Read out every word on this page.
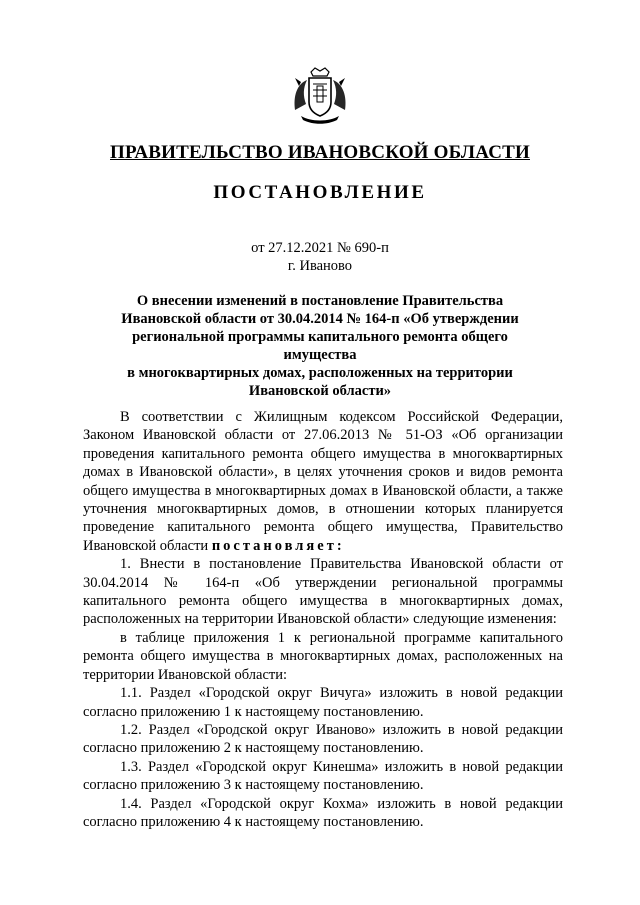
ПРАВИТЕЛЬСТВО ИВАНОВСКОЙ ОБЛАСТИ
ПОСТАНОВЛЕНИЕ
от 27.12.2021 № 690-п
г. Иваново
О внесении изменений в постановление Правительства
Ивановской области от 30.04.2014 № 164-п «Об утверждении
региональной программы капитального ремонта общего имущества
в многоквартирных домах, расположенных на территории
Ивановской области»

В соответствии с Жилищным кодексом Российской Федерации, Законом Ивановской области от 27.06.2013 № 51-ОЗ «Об организации проведения капитального ремонта общего имущества в многоквартирных домах в Ивановской области», в целях уточнения сроков и видов ремонта общего имущества в многоквартирных домах в Ивановской области, а также уточнения многоквартирных домов, в отношении которых планируется проведение капитального ремонта общего имущества, Правительство Ивановской области постановляет:

1. Внести в постановление Правительства Ивановской области от 30.04.2014 № 164-п «Об утверждении региональной программы капитального ремонта общего имущества в многоквартирных домах, расположенных на территории Ивановской области» следующие изменения:

в таблице приложения 1 к региональной программе капитального ремонта общего имущества в многоквартирных домах, расположенных на территории Ивановской области:

1.1. Раздел «Городской округ Вичуга» изложить в новой редакции согласно приложению 1 к настоящему постановлению.

1.2. Раздел «Городской округ Иваново» изложить в новой редакции согласно приложению 2 к настоящему постановлению.

1.3. Раздел «Городской округ Кинешма» изложить в новой редакции согласно приложению 3 к настоящему постановлению.

1.4. Раздел «Городской округ Кохма» изложить в новой редакции согласно приложению 4 к настоящему постановлению.
